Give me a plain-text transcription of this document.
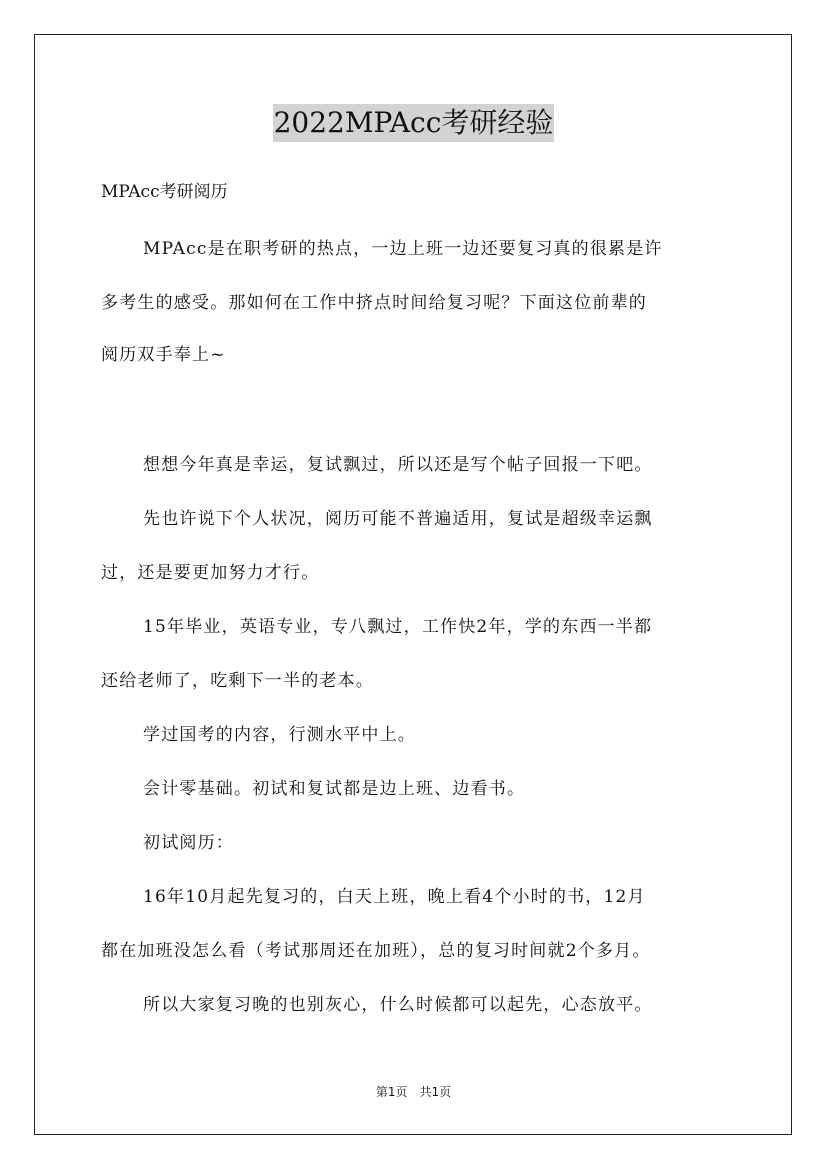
2022MPAcc考研经验
MPAcc考研阅历
MPAcc是在职考研的热点，一边上班一边还要复习真的很累是许
多考生的感受。那如何在工作中挤点时间给复习呢？下面这位前辈的
阅历双手奉上~
想想今年真是幸运，复试飘过，所以还是写个帖子回报一下吧。
先也许说下个人状况，阅历可能不普遍适用，复试是超级幸运飘
过，还是要更加努力才行。
15年毕业，英语专业，专八飘过，工作快2年，学的东西一半都
还给老师了，吃剩下一半的老本。
学过国考的内容，行测水平中上。
会计零基础。初试和复试都是边上班、边看书。
初试阅历：
16年10月起先复习的，白天上班，晚上看4个小时的书，12月
都在加班没怎么看（考试那周还在加班），总的复习时间就2个多月。
所以大家复习晚的也别灰心，什么时候都可以起先，心态放平。
第1页　共1页
